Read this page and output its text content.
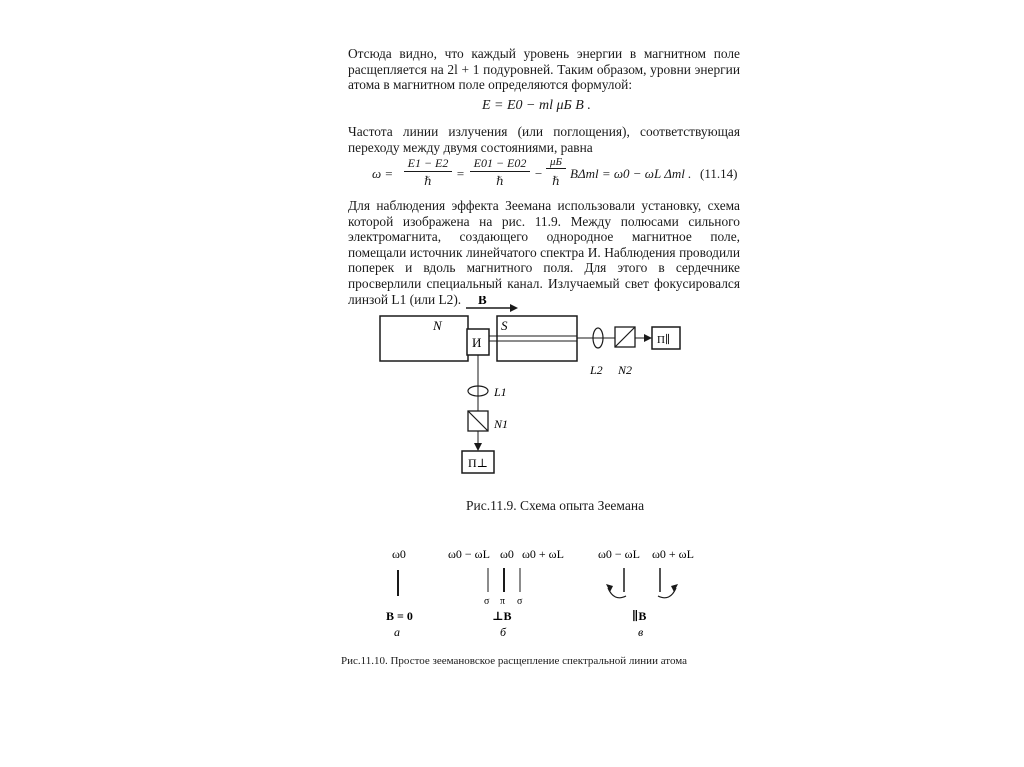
Отсюда видно, что каждый уровень энергии в магнитном поле расщепляется на 2l + 1 подуровней. Таким образом, уровни энергии атома в магнитном поле определяются формулой:
E = E0 − ml μБ B .
Частота линии излучения (или поглощения), соответствующая переходу между двумя состояниями, равна
ω =
E1 − E2
ℏ	=
E01 − E02
ℏ	−
μБ
ℏ BΔml = ω0 − ωL Δml . (11.14)
Для наблюдения эффекта Зеемана использовали установку, схема которой изображена на рис. 11.9. Между полюсами сильного электромагнита, создающего однородное магнитное поле, помещали источник линейчатого спектра И. Наблюдения проводили поперек и вдоль магнитного поля. Для этого в сердечнике просверлили специальный канал. Излучаемый свет фокусировался линзой L1 (или L2).	B
N	S
И
L2 N2
П∥
L1
N1
П⊥
Рис.11.9. Схема опыта Зеемана
ω0
B = 0
а
ω0 − ωL ω0 ω0 + ωL
σ π σ
⊥B
б
ω0 − ωL ω0 + ωL
∥B
в
Рис.11.10. Простое зеемановское расщепление спектральной линии атома
